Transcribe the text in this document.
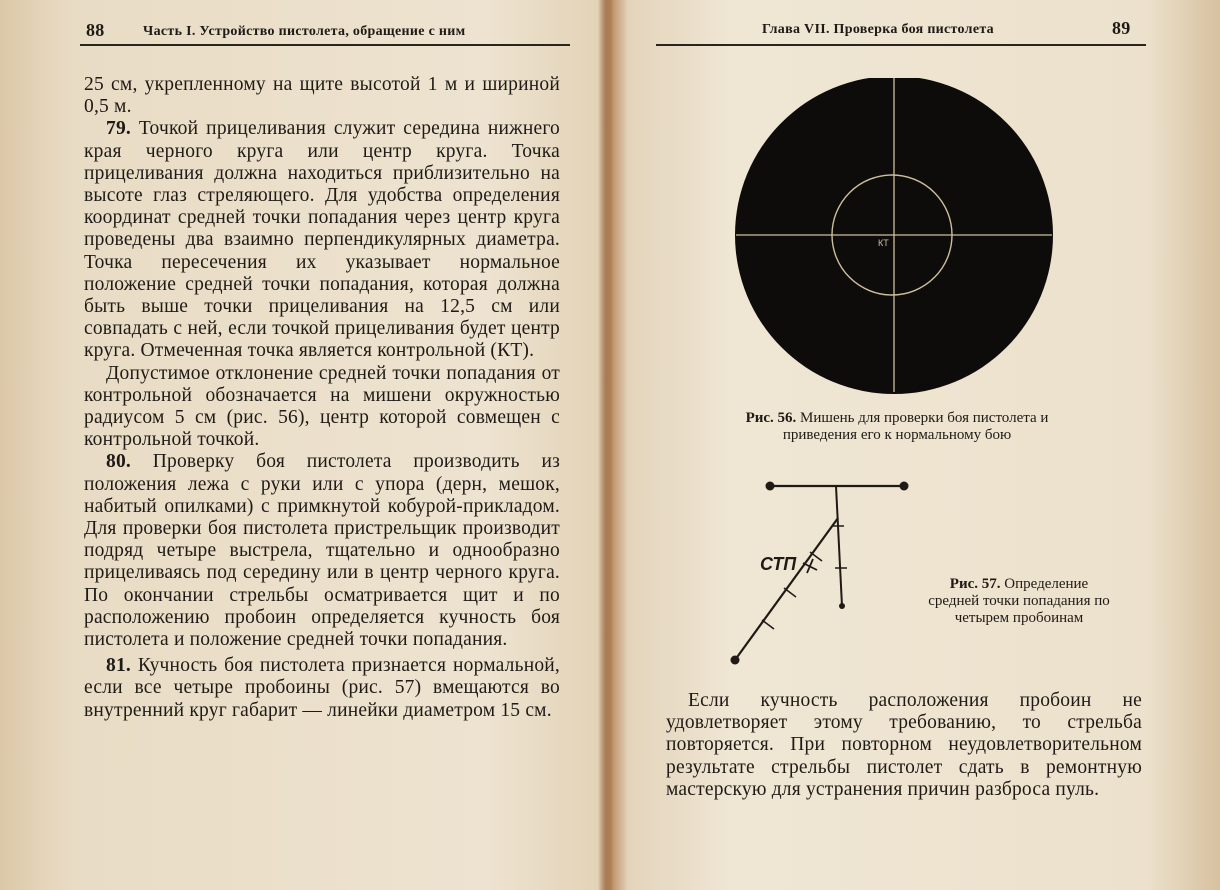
88	Часть I. Устройство пистолета, обращение с ним

25 см, укрепленному на щите высотой 1 м и шириной 0,5 м.

79. Точкой прицеливания служит середина нижнего края черного круга или центр круга. Точка прицеливания должна находиться приблизительно на высоте глаз стреляющего. Для удобства определения координат средней точки попадания через центр круга проведены два взаимно перпендикулярных диаметра. Точка пересечения их указывает нормальное положение средней точки попадания, которая должна быть выше точки прицеливания на 12,5 см или совпадать с ней, если точкой прицеливания будет центр круга. Отмеченная точка является контрольной (КТ).

Допустимое отклонение средней точки попадания от контрольной обозначается на мишени окружностью радиусом 5 см (рис. 56), центр которой совмещен с контрольной точкой.

80. Проверку боя пистолета производить из положения лежа с руки или с упора (дерн, мешок, набитый опилками) с примкнутой кобурой-прикладом. Для проверки боя пистолета пристрельщик производит подряд четыре выстрела, тщательно и однообразно прицеливаясь под середину или в центр черного круга. По окончании стрельбы осматривается щит и по расположению пробоин определяется кучность боя пистолета и положение средней точки попадания.

81. Кучность боя пистолета признается нормальной, если все четыре пробоины (рис. 57) вмещаются во внутренний круг габарит — линейки диаметром 15 см.

Глава VII. Проверка боя пистолета	89
КТ
Рис. 56. Мишень для проверки боя пистолета и приведения его к нормальному бою
СТП
Рис. 57. Определение средней точки попадания по четырем пробоинам

Если кучность расположения пробоин не удовлетворяет этому требованию, то стрельба повторяется. При повторном неудовлетворительном результате стрельбы пистолет сдать в ремонтную мастерскую для устранения причин разброса пуль.
